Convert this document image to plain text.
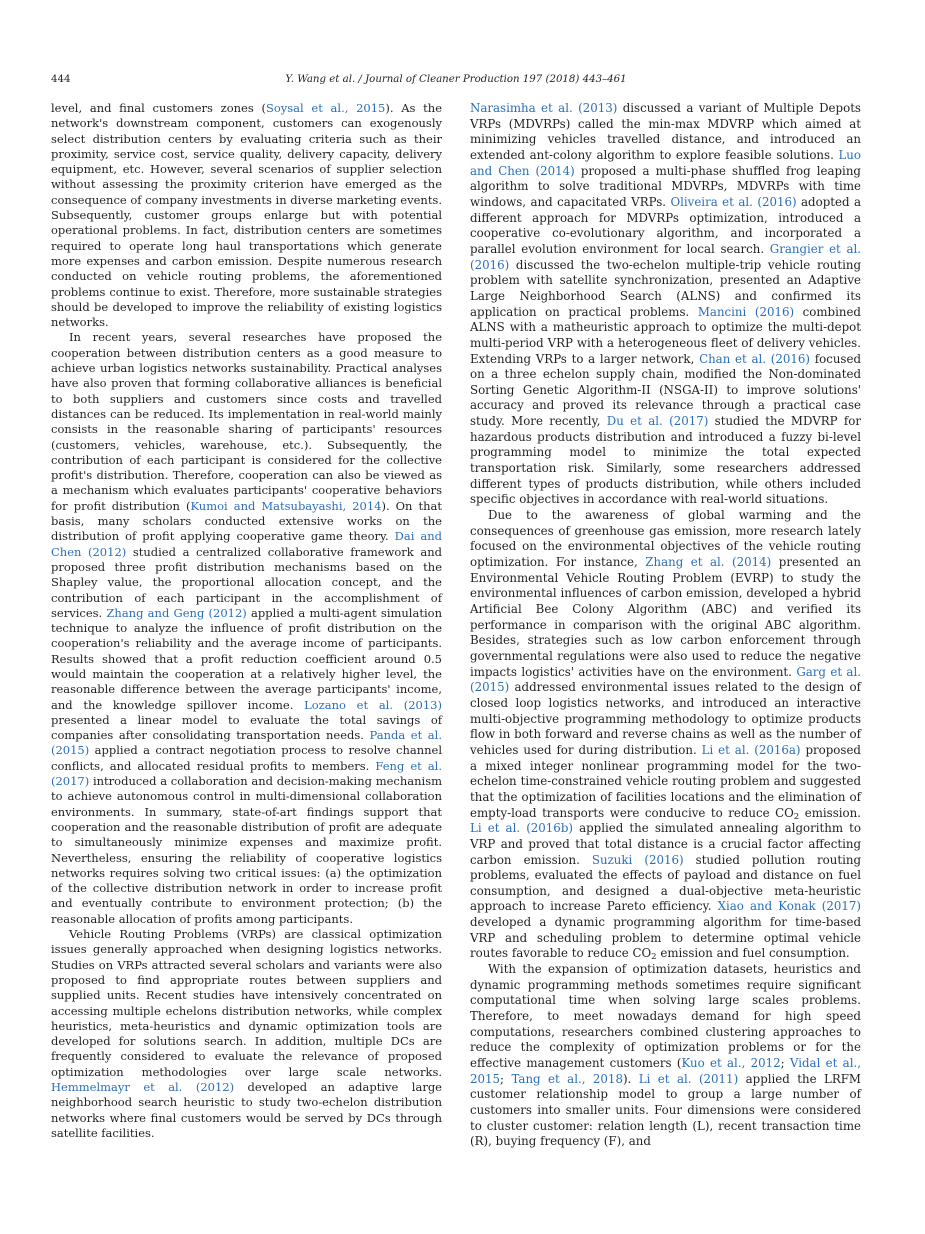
444	Y. Wang et al. / Journal of Cleaner Production 197 (2018) 443–461

level, and final customers zones (Soysal et al., 2015). As the network's downstream component, customers can exogenously select distribution centers by evaluating criteria such as their proximity, service cost, service quality, delivery capacity, delivery equipment, etc. However, several scenarios of supplier selection without assessing the proximity criterion have emerged as the consequence of company investments in diverse marketing events. Subsequently, customer groups enlarge but with potential operational problems. In fact, distribution centers are sometimes required to operate long haul transportations which generate more expenses and carbon emission. Despite numerous research conducted on vehicle routing problems, the aforementioned problems continue to exist. Therefore, more sustainable strategies should be developed to improve the reliability of existing logistics networks.

In recent years, several researches have proposed the cooperation between distribution centers as a good measure to achieve urban logistics networks sustainability. Practical analyses have also proven that forming collaborative alliances is beneficial to both suppliers and customers since costs and travelled distances can be reduced. Its implementation in real-world mainly consists in the reasonable sharing of participants' resources (customers, vehicles, warehouse, etc.). Subsequently, the contribution of each participant is considered for the collective profit's distribution. Therefore, cooperation can also be viewed as a mechanism which evaluates participants' cooperative behaviors for profit distribution (Kumoi and Matsubayashi, 2014). On that basis, many scholars conducted extensive works on the distribution of profit applying cooperative game theory. Dai and Chen (2012) studied a centralized collaborative framework and proposed three profit distribution mechanisms based on the Shapley value, the proportional allocation concept, and the contribution of each participant in the accomplishment of services. Zhang and Geng (2012) applied a multi-agent simulation technique to analyze the influence of profit distribution on the cooperation's reliability and the average income of participants. Results showed that a profit reduction coefficient around 0.5 would maintain the cooperation at a relatively higher level, the reasonable difference between the average participants' income, and the knowledge spillover income. Lozano et al. (2013) presented a linear model to evaluate the total savings of companies after consolidating transportation needs. Panda et al. (2015) applied a contract negotiation process to resolve channel conflicts, and allocated residual profits to members. Feng et al. (2017) introduced a collaboration and decision-making mechanism to achieve autonomous control in multi-dimensional collaboration environments. In summary, state-of-art findings support that cooperation and the reasonable distribution of profit are adequate to simultaneously minimize expenses and maximize profit. Nevertheless, ensuring the reliability of cooperative logistics networks requires solving two critical issues: (a) the optimization of the collective distribution network in order to increase profit and eventually contribute to environment protection; (b) the reasonable allocation of profits among participants.

Vehicle Routing Problems (VRPs) are classical optimization issues generally approached when designing logistics networks. Studies on VRPs attracted several scholars and variants were also proposed to find appropriate routes between suppliers and supplied units. Recent studies have intensively concentrated on accessing multiple echelons distribution networks, while complex heuristics, meta-heuristics and dynamic optimization tools are developed for solutions search. In addition, multiple DCs are frequently considered to evaluate the relevance of proposed optimization methodologies over large scale networks. Hemmelmayr et al. (2012) developed an adaptive large neighborhood search heuristic to study two-echelon distribution networks where final customers would be served by DCs through satellite facilities.

Narasimha et al. (2013) discussed a variant of Multiple Depots VRPs (MDVRPs) called the min-max MDVRP which aimed at minimizing vehicles travelled distance, and introduced an extended ant-colony algorithm to explore feasible solutions. Luo and Chen (2014) proposed a multi-phase shuffled frog leaping algorithm to solve traditional MDVRPs, MDVRPs with time windows, and capacitated VRPs. Oliveira et al. (2016) adopted a different approach for MDVRPs optimization, introduced a cooperative co-evolutionary algorithm, and incorporated a parallel evolution environment for local search. Grangier et al. (2016) discussed the two-echelon multiple-trip vehicle routing problem with satellite synchronization, presented an Adaptive Large Neighborhood Search (ALNS) and confirmed its application on practical problems. Mancini (2016) combined ALNS with a matheuristic approach to optimize the multi-depot multi-period VRP with a heterogeneous fleet of delivery vehicles. Extending VRPs to a larger network, Chan et al. (2016) focused on a three echelon supply chain, modified the Non-dominated Sorting Genetic Algorithm-II (NSGA-II) to improve solutions' accuracy and proved its relevance through a practical case study. More recently, Du et al. (2017) studied the MDVRP for hazardous products distribution and introduced a fuzzy bi-level programming model to minimize the total expected transportation risk. Similarly, some researchers addressed different types of products distribution, while others included specific objectives in accordance with real-world situations.

Due to the awareness of global warming and the consequences of greenhouse gas emission, more research lately focused on the environmental objectives of the vehicle routing optimization. For instance, Zhang et al. (2014) presented an Environmental Vehicle Routing Problem (EVRP) to study the environmental influences of carbon emission, developed a hybrid Artificial Bee Colony Algorithm (ABC) and verified its performance in comparison with the original ABC algorithm. Besides, strategies such as low carbon enforcement through governmental regulations were also used to reduce the negative impacts logistics' activities have on the environment. Garg et al. (2015) addressed environmental issues related to the design of closed loop logistics networks, and introduced an interactive multi-objective programming methodology to optimize products flow in both forward and reverse chains as well as the number of vehicles used for during distribution. Li et al. (2016a) proposed a mixed integer nonlinear programming model for the two-echelon time-constrained vehicle routing problem and suggested that the optimization of facilities locations and the elimination of empty-load transports were conducive to reduce $CO_2$ emission. Li et al. (2016b) applied the simulated annealing algorithm to VRP and proved that total distance is a crucial factor affecting carbon emission. Suzuki (2016) studied pollution routing problems, evaluated the effects of payload and distance on fuel consumption, and designed a dual-objective meta-heuristic approach to increase Pareto efficiency. Xiao and Konak (2017) developed a dynamic programming algorithm for time-based VRP and scheduling problem to determine optimal vehicle routes favorable to reduce $CO_2$ emission and fuel consumption.

With the expansion of optimization datasets, heuristics and dynamic programming methods sometimes require significant computational time when solving large scales problems. Therefore, to meet nowadays demand for high speed computations, researchers combined clustering approaches to reduce the complexity of optimization problems or for the effective management customers (Kuo et al., 2012; Vidal et al., 2015; Tang et al., 2018). Li et al. (2011) applied the LRFM customer relationship model to group a large number of customers into smaller units. Four dimensions were considered to cluster customer: relation length (L), recent transaction time (R), buying frequency (F), and
